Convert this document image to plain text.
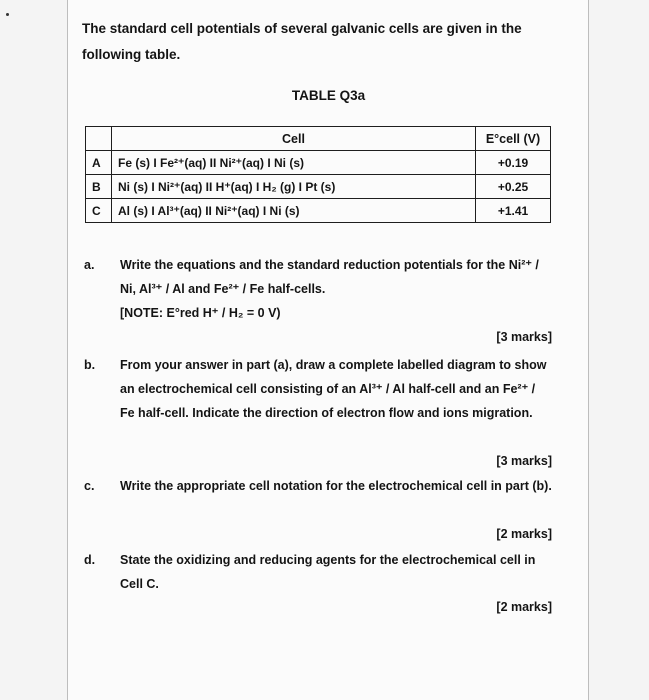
The standard cell potentials of several galvanic cells are given in the following table.
TABLE Q3a
	Cell	E°cell (V)
A	Fe (s) I Fe²⁺(aq) II Ni²⁺(aq) I Ni (s)	+0.19
B	Ni (s) I Ni²⁺(aq) II H⁺(aq) I H₂ (g) I Pt (s)	+0.25
C	Al (s) I Al³⁺(aq) II Ni²⁺(aq) I Ni (s)	+1.41
a.	Write the equations and the standard reduction potentials for the Ni²⁺ / Ni, Al³⁺ / Al and Fe²⁺ / Fe half-cells.
[NOTE: E°red H⁺ / H₂ = 0 V)
[3 marks]
b.	From your answer in part (a), draw a complete labelled diagram to show an electrochemical cell consisting of an Al³⁺ / Al half-cell and an Fe²⁺ / Fe half-cell. Indicate the direction of electron flow and ions migration.
[3 marks]
c.	Write the appropriate cell notation for the electrochemical cell in part (b).
[2 marks]
d.	State the oxidizing and reducing agents for the electrochemical cell in Cell C.
[2 marks]
